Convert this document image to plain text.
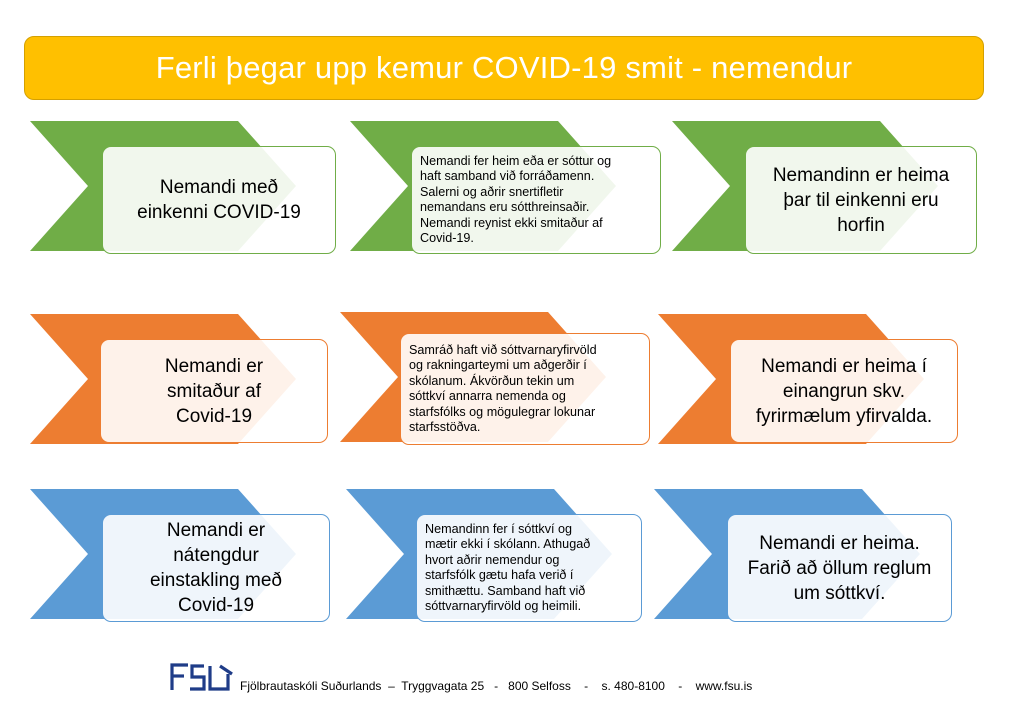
Ferli þegar upp kemur COVID-19 smit - nemendur
Nemandi með
einkenni COVID-19
Nemandi fer heim eða er sóttur og
haft samband við forráðamenn.
Salerni og aðrir snertifletir
nemandans eru sótthreinsaðir.
Nemandi reynist ekki smitaður af
Covid-19.
Nemandinn er heima
þar til einkenni eru
horfin
Nemandi er
smitaður af
Covid-19
Samráð haft við sóttvarnaryfirvöld
og rakningarteymi um aðgerðir í
skólanum. Ákvörðun tekin um
sóttkví annarra nemenda og
starfsfólks og mögulegrar lokunar
starfsstöðva.
Nemandi er heima í
einangrun skv.
fyrirmælum yfirvalda.
Nemandi er
nátengdur
einstakling með
Covid-19
Nemandinn fer í sóttkví og
mætir ekki í skólann. Athugað
hvort aðrir nemendur og
starfsfólk gætu hafa verið í
smithættu. Samband haft við
sóttvarnaryfirvöld og heimili.
Nemandi er heima.
Farið að öllum reglum
um sóttkví.
Fjölbrautaskóli Suðurlands  –  Tryggvagata 25   -   800 Selfoss    -    s. 480-8100    -    www.fsu.is
